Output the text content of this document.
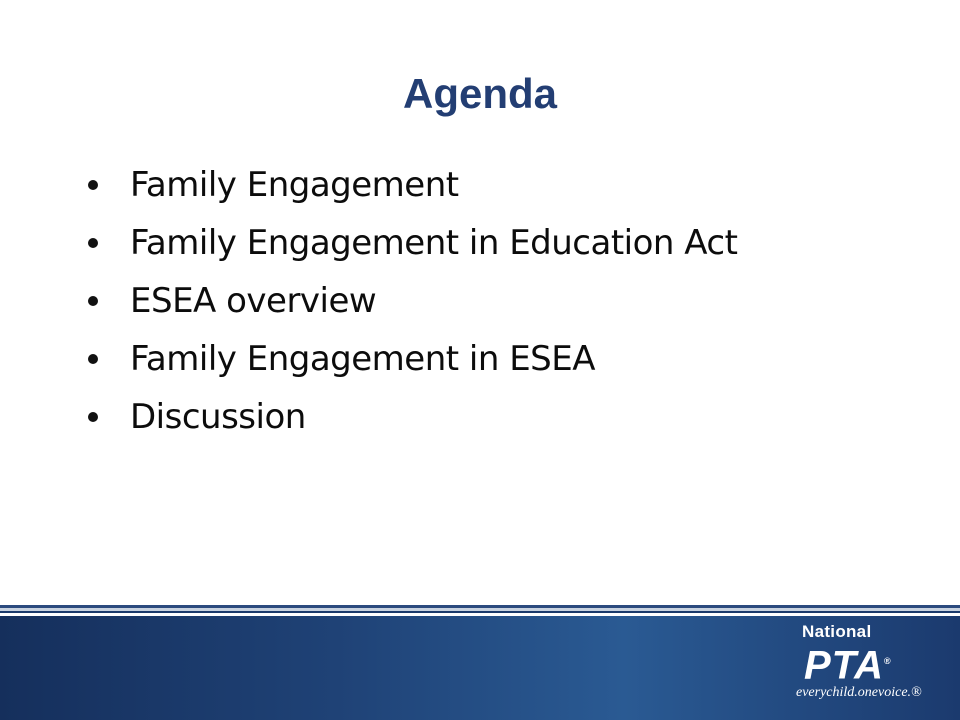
Agenda
Family Engagement
Family Engagement in Education Act
ESEA overview
Family Engagement in ESEA
Discussion
National
PTA®
everychild.onevoice.®
